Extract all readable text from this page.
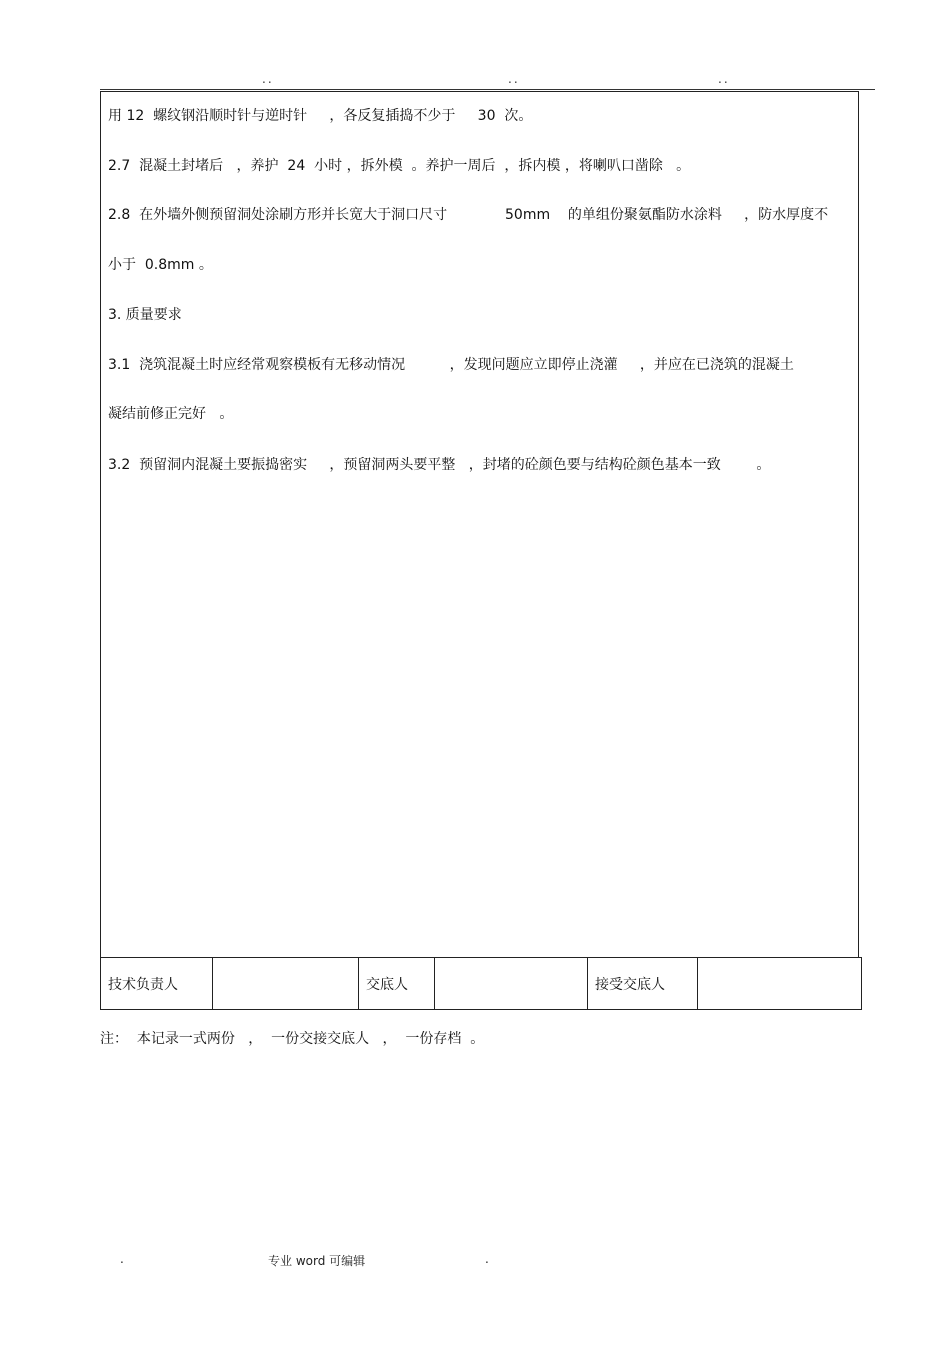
..	..	..
用 12  螺纹钢沿顺时针与逆时针     ，各反复插捣不少于     30  次。
2.7  混凝土封堵后   ，养护  24  小时 ，拆外模  。养护一周后  ，拆内模 ，将喇叭口凿除   。
2.8  在外墙外侧预留洞处涂刷方形并长宽大于洞口尺寸             50mm    的单组份聚氨酯防水涂料     ，防水厚度不
小于  0.8mm 。
3. 质量要求
3.1  浇筑混凝土时应经常观察模板有无移动情况          ，发现问题应立即停止浇灌     ，并应在已浇筑的混凝土
凝结前修正完好   。
3.2  预留洞内混凝土要振捣密实     ，预留洞两头要平整   ，封堵的砼颜色要与结构砼颜色基本一致        。
技术负责人		交底人		接受交底人	
注：  本记录一式两份   ，  一份交接交底人   ，  一份存档  。
.	专业 word 可编辑	.
